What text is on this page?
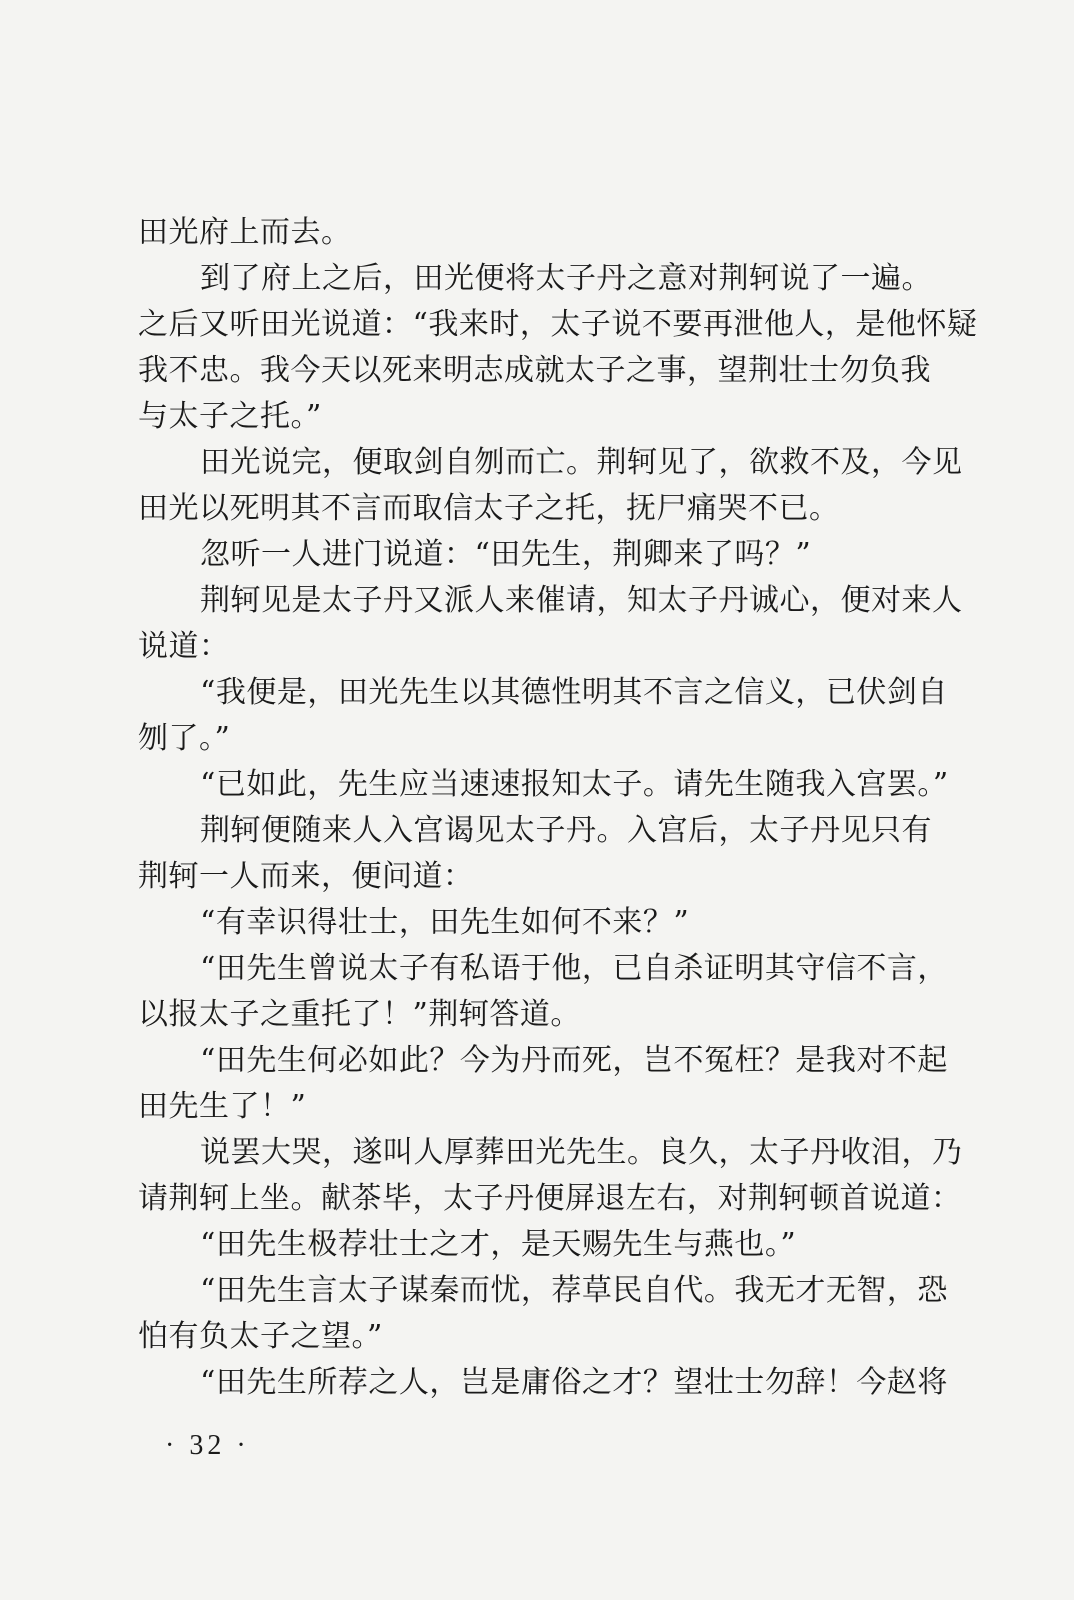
田光府上而去。
到了府上之后，田光便将太子丹之意对荆轲说了一遍。
之后又听田光说道：“我来时，太子说不要再泄他人，是他怀疑
我不忠。我今天以死来明志成就太子之事，望荆壮士勿负我
与太子之托。”
田光说完，便取剑自刎而亡。荆轲见了，欲救不及，今见
田光以死明其不言而取信太子之托，抚尸痛哭不已。
忽听一人进门说道：“田先生，荆卿来了吗？”
荆轲见是太子丹又派人来催请，知太子丹诚心，便对来人
说道：
“我便是，田光先生以其德性明其不言之信义，已伏剑自
刎了。”
“已如此，先生应当速速报知太子。请先生随我入宫罢。”
荆轲便随来人入宫谒见太子丹。入宫后，太子丹见只有
荆轲一人而来，便问道：
“有幸识得壮士，田先生如何不来？”
“田先生曾说太子有私语于他，已自杀证明其守信不言，
以报太子之重托了！”荆轲答道。
“田先生何必如此？今为丹而死，岂不冤枉？是我对不起
田先生了！”
说罢大哭，遂叫人厚葬田光先生。良久，太子丹收泪，乃
请荆轲上坐。献茶毕，太子丹便屏退左右，对荆轲顿首说道：
“田先生极荐壮士之才，是天赐先生与燕也。”
“田先生言太子谋秦而忧，荐草民自代。我无才无智，恐
怕有负太子之望。”
“田先生所荐之人，岂是庸俗之才？望壮士勿辞！今赵将
· 32 ·
